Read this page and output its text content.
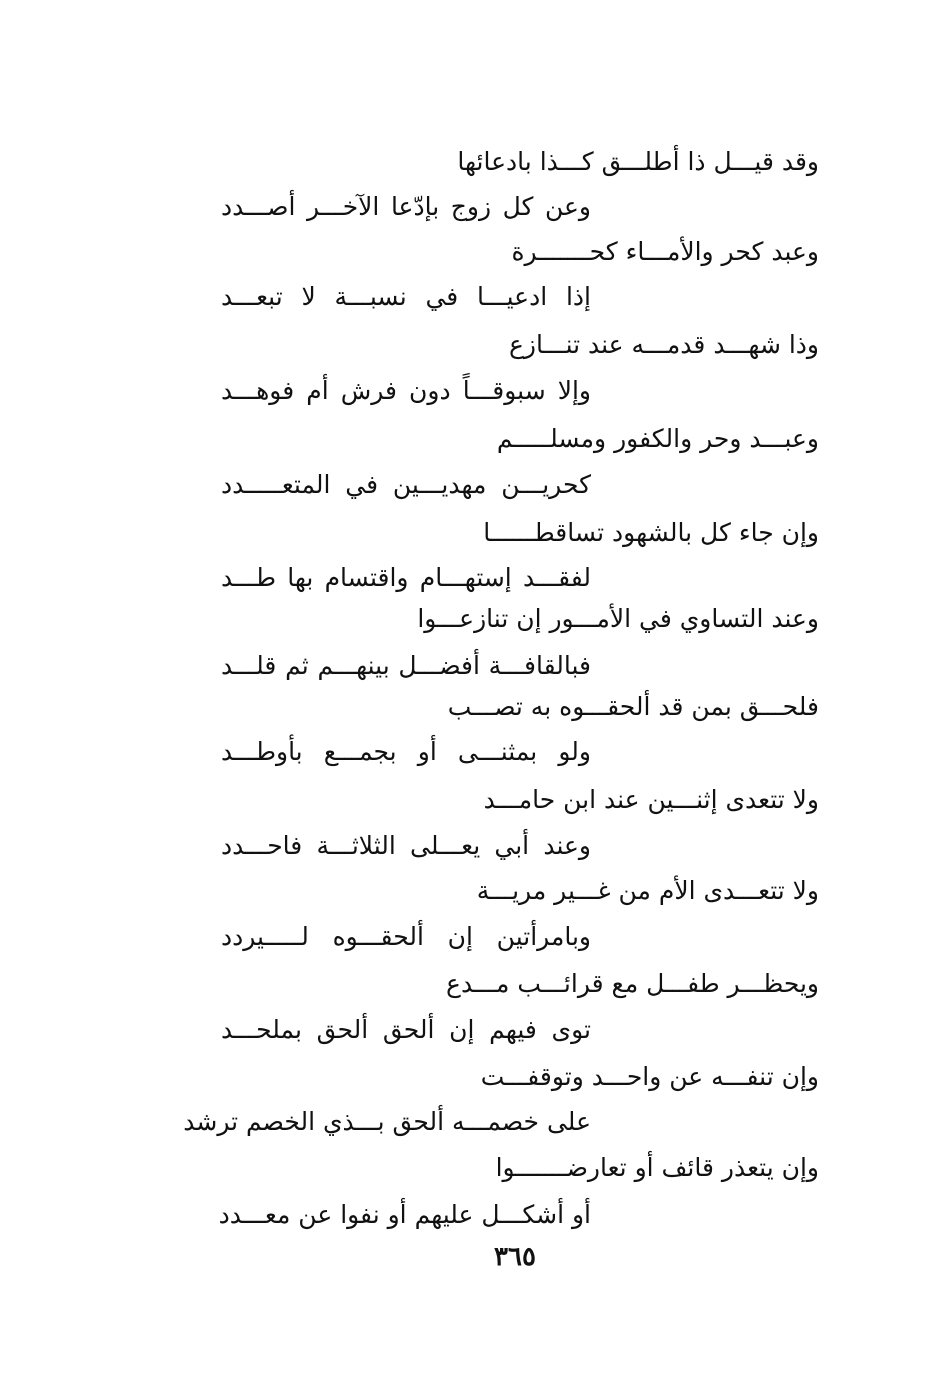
وقد قيـــل ذا أطلـــق كـــذا بادعائها
وعن كل زوج بإدّعا الآخـــر أصـــدد
وعبد كحر والأمـــاء كحـــــــرة
إذا ادعيـــا في نسبـــة لا تبعـــد
وذا شهـــد قدمـــه عند تنـــازع
وإلا سبوقـــاً دون فرش أم فوهـــد
وعبـــد وحر والكفور ومسلـــــم
كحريـــن مهديـــين في المتعـــــدد
وإن جاء كل بالشهود تساقطــــــا
لفقـــد إستهـــام واقتسام بها طـــد
وعند التساوي في الأمـــور إن تنازعـــوا
فبالقافـــة أفضـــل بينهـــم ثم قلـــد
فلحـــق بمن قد ألحقـــوه به تصـــب
ولو بمثنـــى أو بجمـــع بأوطـــد
ولا تتعدى إثنـــين عند ابن حامـــد
وعند أبي يعـــلى الثلاثـــة فاحـــدد
ولا تتعـــدى الأم من غـــير مريـــة
وبامرأتين إن ألحقـــوه لـــــيردد
ويحظـــر طفـــل مع قرائـــب مـــدع
توى فيهم إن ألحق ألحق بملحـــد
وإن تنفـــه عن واحـــد وتوقفـــت
على خصمـــه ألحق بـــذي الخصم ترشد
وإن يتعذر قائف أو تعارضـــــــوا
أو أشكـــل عليهم أو نفوا عن معـــدد
٣٦٥
